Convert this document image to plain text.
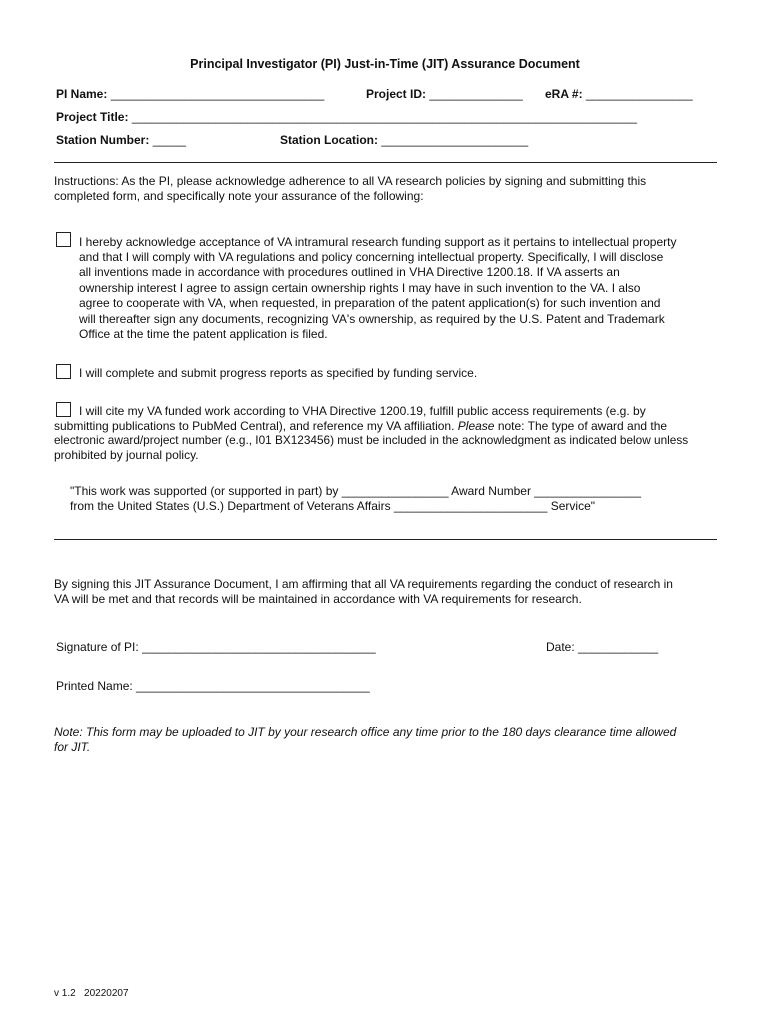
Principal Investigator (PI) Just-in-Time (JIT) Assurance Document
PI Name: ________________________________	Project ID: ______________ eRA #: ________________
Project Title: _______________________________________________________________________________
Station Number: _____	Station Location: ______________________
Instructions: As the PI, please acknowledge adherence to all VA research policies by signing and submitting this
completed form, and specifically note your assurance of the following:
I hereby acknowledge acceptance of VA intramural research funding support as it pertains to intellectual property
and that I will comply with VA regulations and policy concerning intellectual property. Specifically, I will disclose
all inventions made in accordance with procedures outlined in VHA Directive 1200.18. If VA asserts an
ownership interest I agree to assign certain ownership rights I may have in such invention to the VA. I also
agree to cooperate with VA, when requested, in preparation of the patent application(s) for such invention and
will thereafter sign any documents, recognizing VA's ownership, as required by the U.S. Patent and Trademark
Office at the time the patent application is filed.
I will complete and submit progress reports as specified by funding service.
I will cite my VA funded work according to VHA Directive 1200.19, fulfill public access requirements (e.g. by
submitting publications to PubMed Central), and reference my VA affiliation. Please note: The type of award and the
electronic award/project number (e.g., I01 BX123456) must be included in the acknowledgment as indicated below unless
prohibited by journal policy.
"This work was supported (or supported in part) by ________________ Award Number ________________
from the United States (U.S.) Department of Veterans Affairs _______________________ Service"
By signing this JIT Assurance Document, I am affirming that all VA requirements regarding the conduct of research in
VA will be met and that records will be maintained in accordance with VA requirements for research.
Signature of PI: ___________________________________	Date: ____________
Printed Name: ___________________________________
Note: This form may be uploaded to JIT by your research office any time prior to the 180 days clearance time allowed
for JIT.
v 1.2   20220207
